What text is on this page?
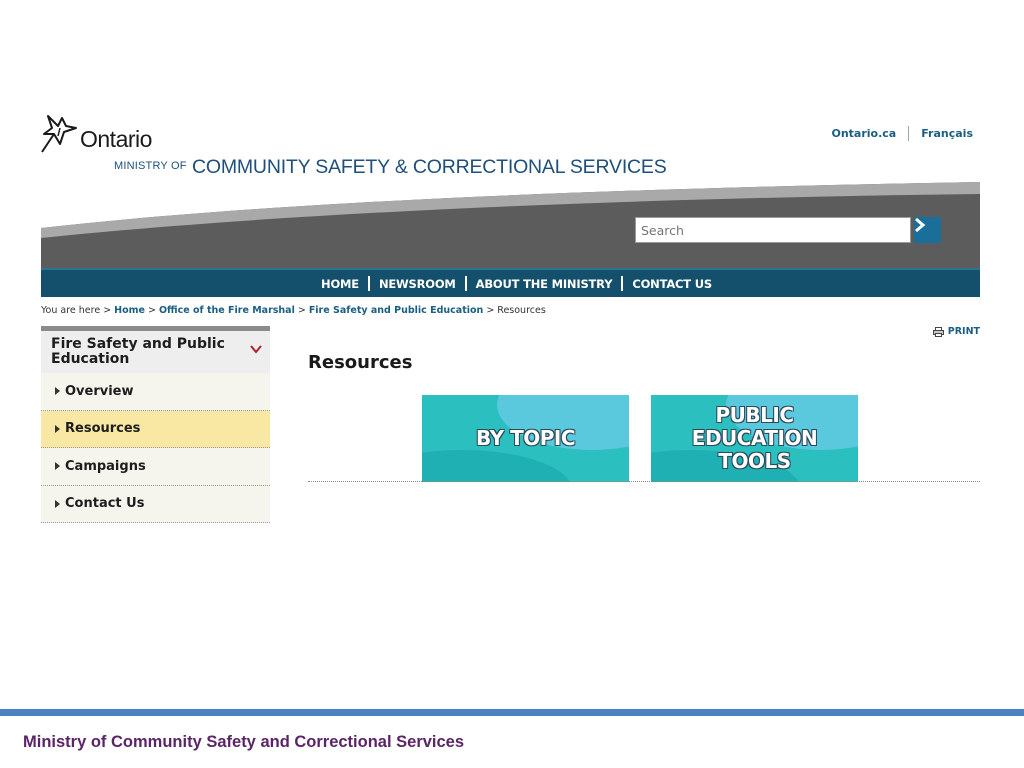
Ontario
MINISTRY OF COMMUNITY SAFETY & CORRECTIONAL SERVICES
Ontario.ca Français
Search
HOME NEWSROOM ABOUT THE MINISTRY CONTACT US
You are here > Home > Office of the Fire Marshal > Fire Safety and Public Education > Resources
Fire Safety and Public Education
Overview
Resources
Campaigns
Contact Us
PRINT
Resources
BY TOPIC
PUBLIC EDUCATION TOOLS
Ministry of Community Safety and Correctional Services
